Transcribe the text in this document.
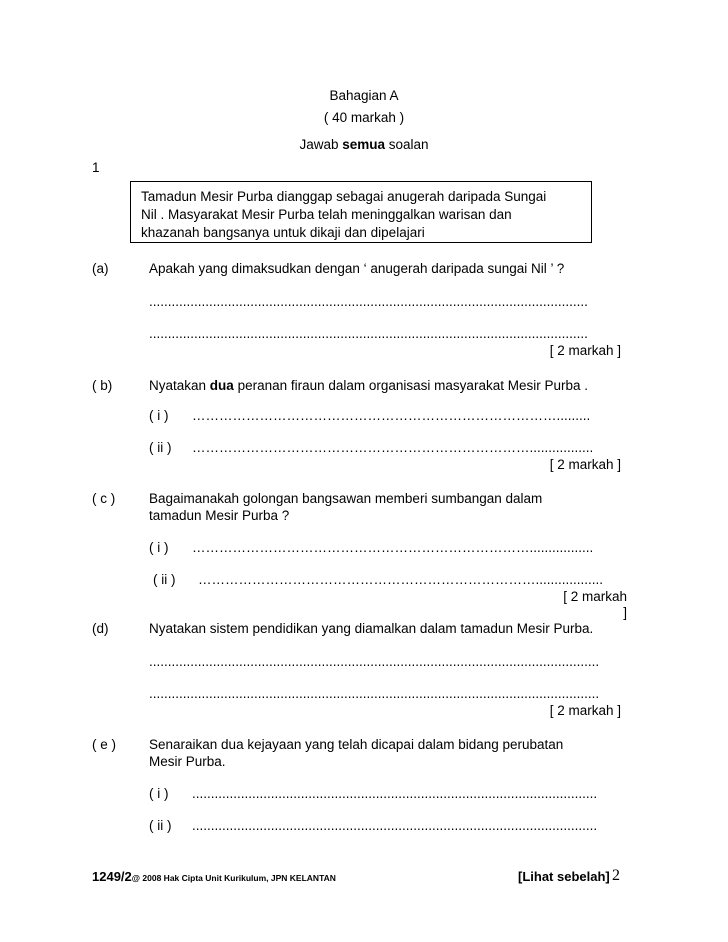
Bahagian A
( 40 markah )
Jawab semua soalan
1

Tamadun Mesir Purba dianggap sebagai anugerah daripada Sungai

Nil . Masyarakat Mesir Purba telah meninggalkan warisan dan

khazanah bangsanya untuk dikaji dan dipelajari

(a)	Apakah yang dimaksudkan dengan ‘ anugerah daripada sungai Nil ’ ?
.....................................................................................................................
.....................................................................................................................
[ 2 markah ]
( b)	Nyatakan dua peranan firaun dalam organisasi masyarakat Mesir Purba .
( i ) ……………………………………………………………………….........
( ii ) ………………………………………………………………….................
[ 2 markah ]
( c )	Bagaimanakah golongan bangsawan memberi sumbangan dalam
tamadun Mesir Purba ?
( i ) ………………………………………………………………….................
( ii ) …………………………………………………………………..................
[ 2 markah
]
(d)	Nyatakan sistem pendidikan yang diamalkan dalam tamadun Mesir Purba.
........................................................................................................................
........................................................................................................................
[ 2 markah ]
( e ) Senaraikan dua kejayaan yang telah dicapai dalam bidang perubatan
Mesir Purba.
( i ) ............................................................................................................
( ii ) ............................................................................................................
1249/2@ 2008 Hak Cipta Unit Kurikulum, JPN KELANTAN	[Lihat sebelah] 2
